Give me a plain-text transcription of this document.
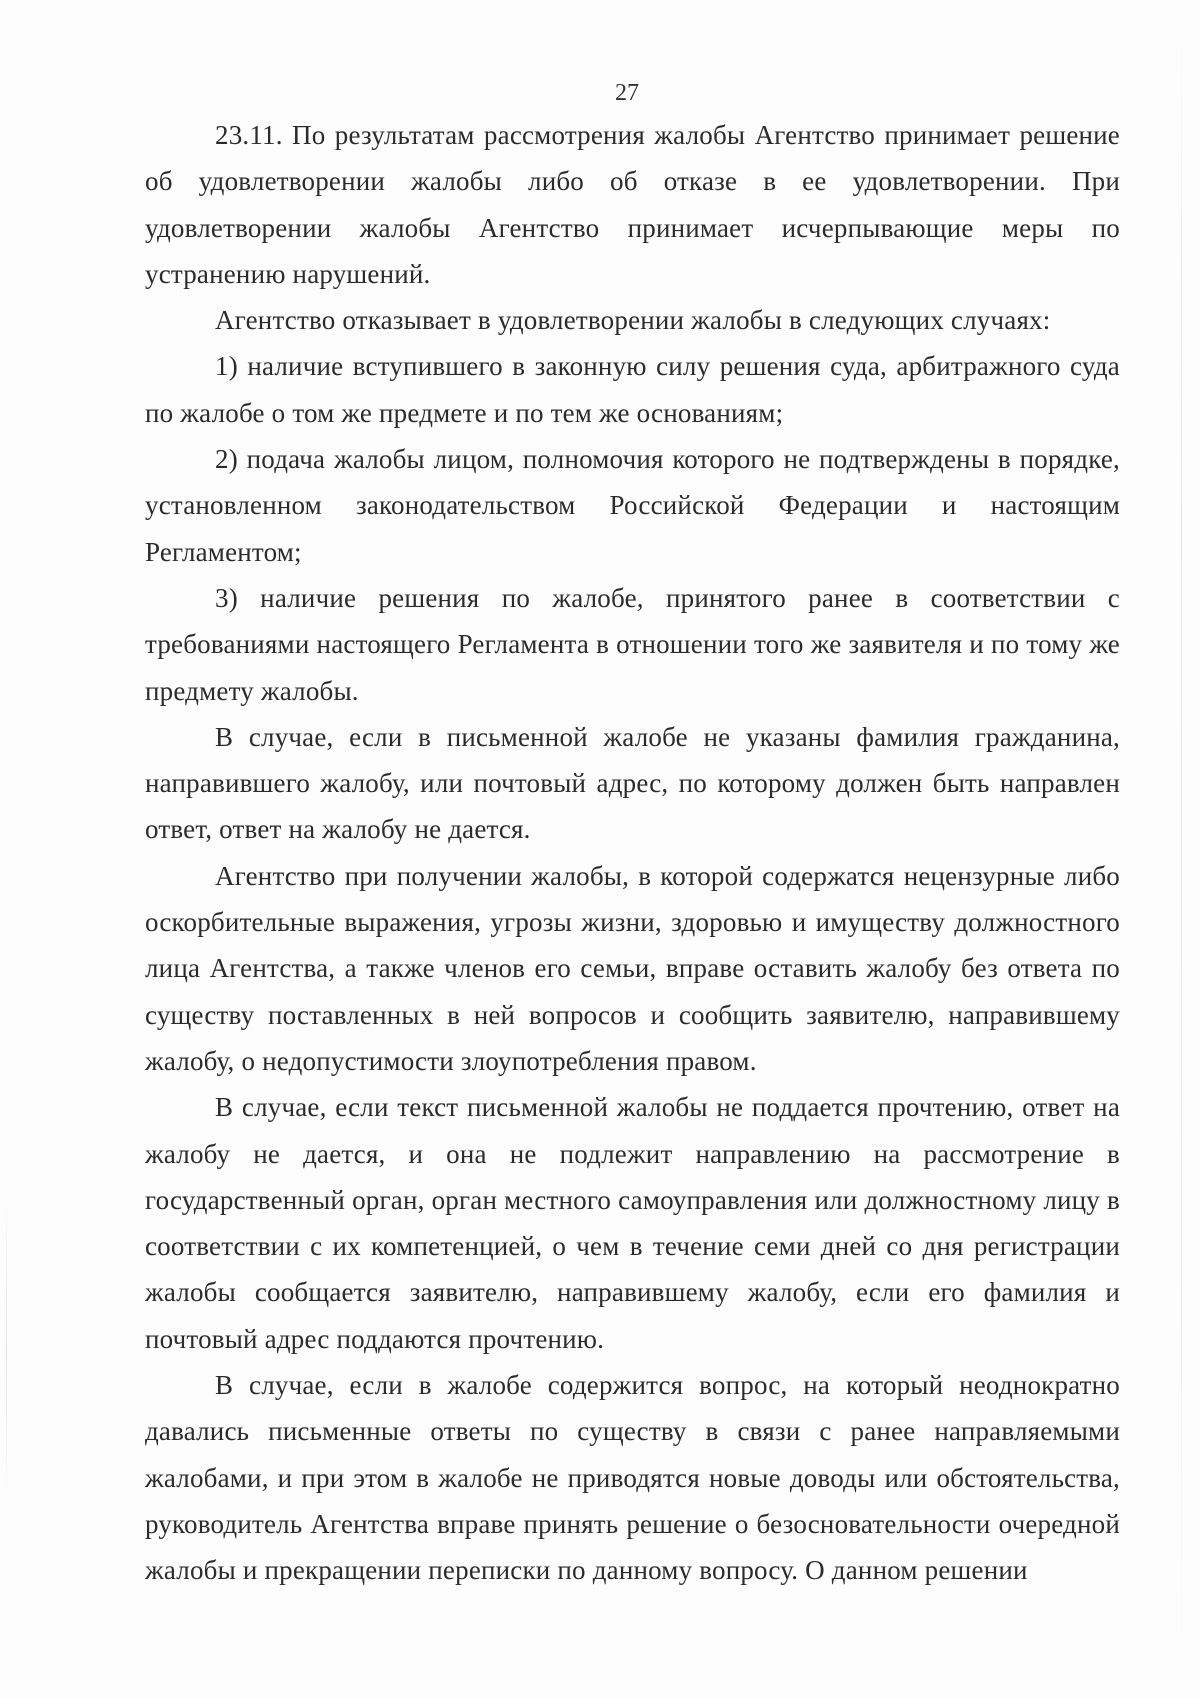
27

23.11. По результатам рассмотрения жалобы Агентство принимает решение об удовлетворении жалобы либо об отказе в ее удовлетворении. При удовлетворении жалобы Агентство принимает исчерпывающие меры по устранению нарушений.

Агентство отказывает в удовлетворении жалобы в следующих случаях:

1) наличие вступившего в законную силу решения суда, арбитражного суда по жалобе о том же предмете и по тем же основаниям;

2) подача жалобы лицом, полномочия которого не подтверждены в порядке, установленном законодательством Российской Федерации и настоящим Регламентом;

3) наличие решения по жалобе, принятого ранее в соответствии с требованиями настоящего Регламента в отношении того же заявителя и по тому же предмету жалобы.

В случае, если в письменной жалобе не указаны фамилия гражданина, направившего жалобу, или почтовый адрес, по которому должен быть направлен ответ, ответ на жалобу не дается.

Агентство при получении жалобы, в которой содержатся нецензурные либо оскорбительные выражения, угрозы жизни, здоровью и имуществу должностного лица Агентства, а также членов его семьи, вправе оставить жалобу без ответа по существу поставленных в ней вопросов и сообщить заявителю, направившему жалобу, о недопустимости злоупотребления правом.

В случае, если текст письменной жалобы не поддается прочтению, ответ на жалобу не дается, и она не подлежит направлению на рассмотрение в государственный орган, орган местного самоуправления или должностному лицу в соответствии с их компетенцией, о чем в течение семи дней со дня регистрации жалобы сообщается заявителю, направившему жалобу, если его фамилия и почтовый адрес поддаются прочтению.

В случае, если в жалобе содержится вопрос, на который неоднократно давались письменные ответы по существу в связи с ранее направляемыми жалобами, и при этом в жалобе не приводятся новые доводы или обстоятельства, руководитель Агентства вправе принять решение о безосновательности очередной жалобы и прекращении переписки по данному вопросу. О данном решении
